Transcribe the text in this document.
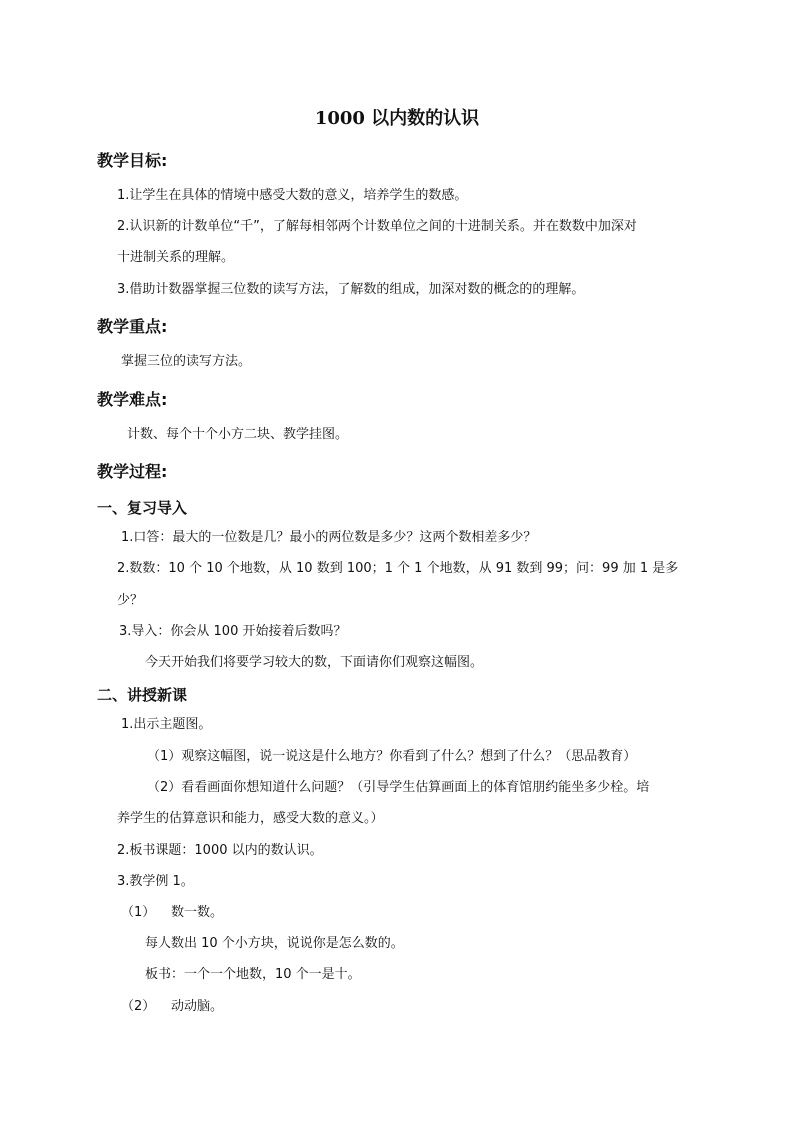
1000 以内数的认识
教学目标:
1.让学生在具体的情境中感受大数的意义，培养学生的数感。
2.认识新的计数单位“千”，了解每相邻两个计数单位之间的十进制关系。并在数数中加深对
十进制关系的理解。
3.借助计数器掌握三位数的读写方法，了解数的组成，加深对数的概念的的理解。
教学重点:
掌握三位的读写方法。
教学难点:
计数、每个十个小方二块、教学挂图。
教学过程:
一、复习导入
1.口答：最大的一位数是几？最小的两位数是多少？这两个数相差多少？
2.数数：10 个 10 个地数，从 10 数到 100；1 个 1 个地数，从 91 数到 99；问：99 加 1 是多
少？
3.导入：你会从 100 开始接着后数吗？
今天开始我们将要学习较大的数，下面请你们观察这幅图。
二、讲授新课
1.出示主题图。
（1）观察这幅图，说一说这是什么地方？你看到了什么？想到了什么？（思品教育）
（2）看看画面你想知道什么问题？（引导学生估算画面上的体育馆朋约能坐多少栓。培
养学生的估算意识和能力，感受大数的意义。）
2.板书课题：1000 以内的数认识。
3.教学例 1。
（1） 数一数。
每人数出 10 个小方块，说说你是怎么数的。
板书：一个一个地数，10 个一是十。
（2） 动动脑。
